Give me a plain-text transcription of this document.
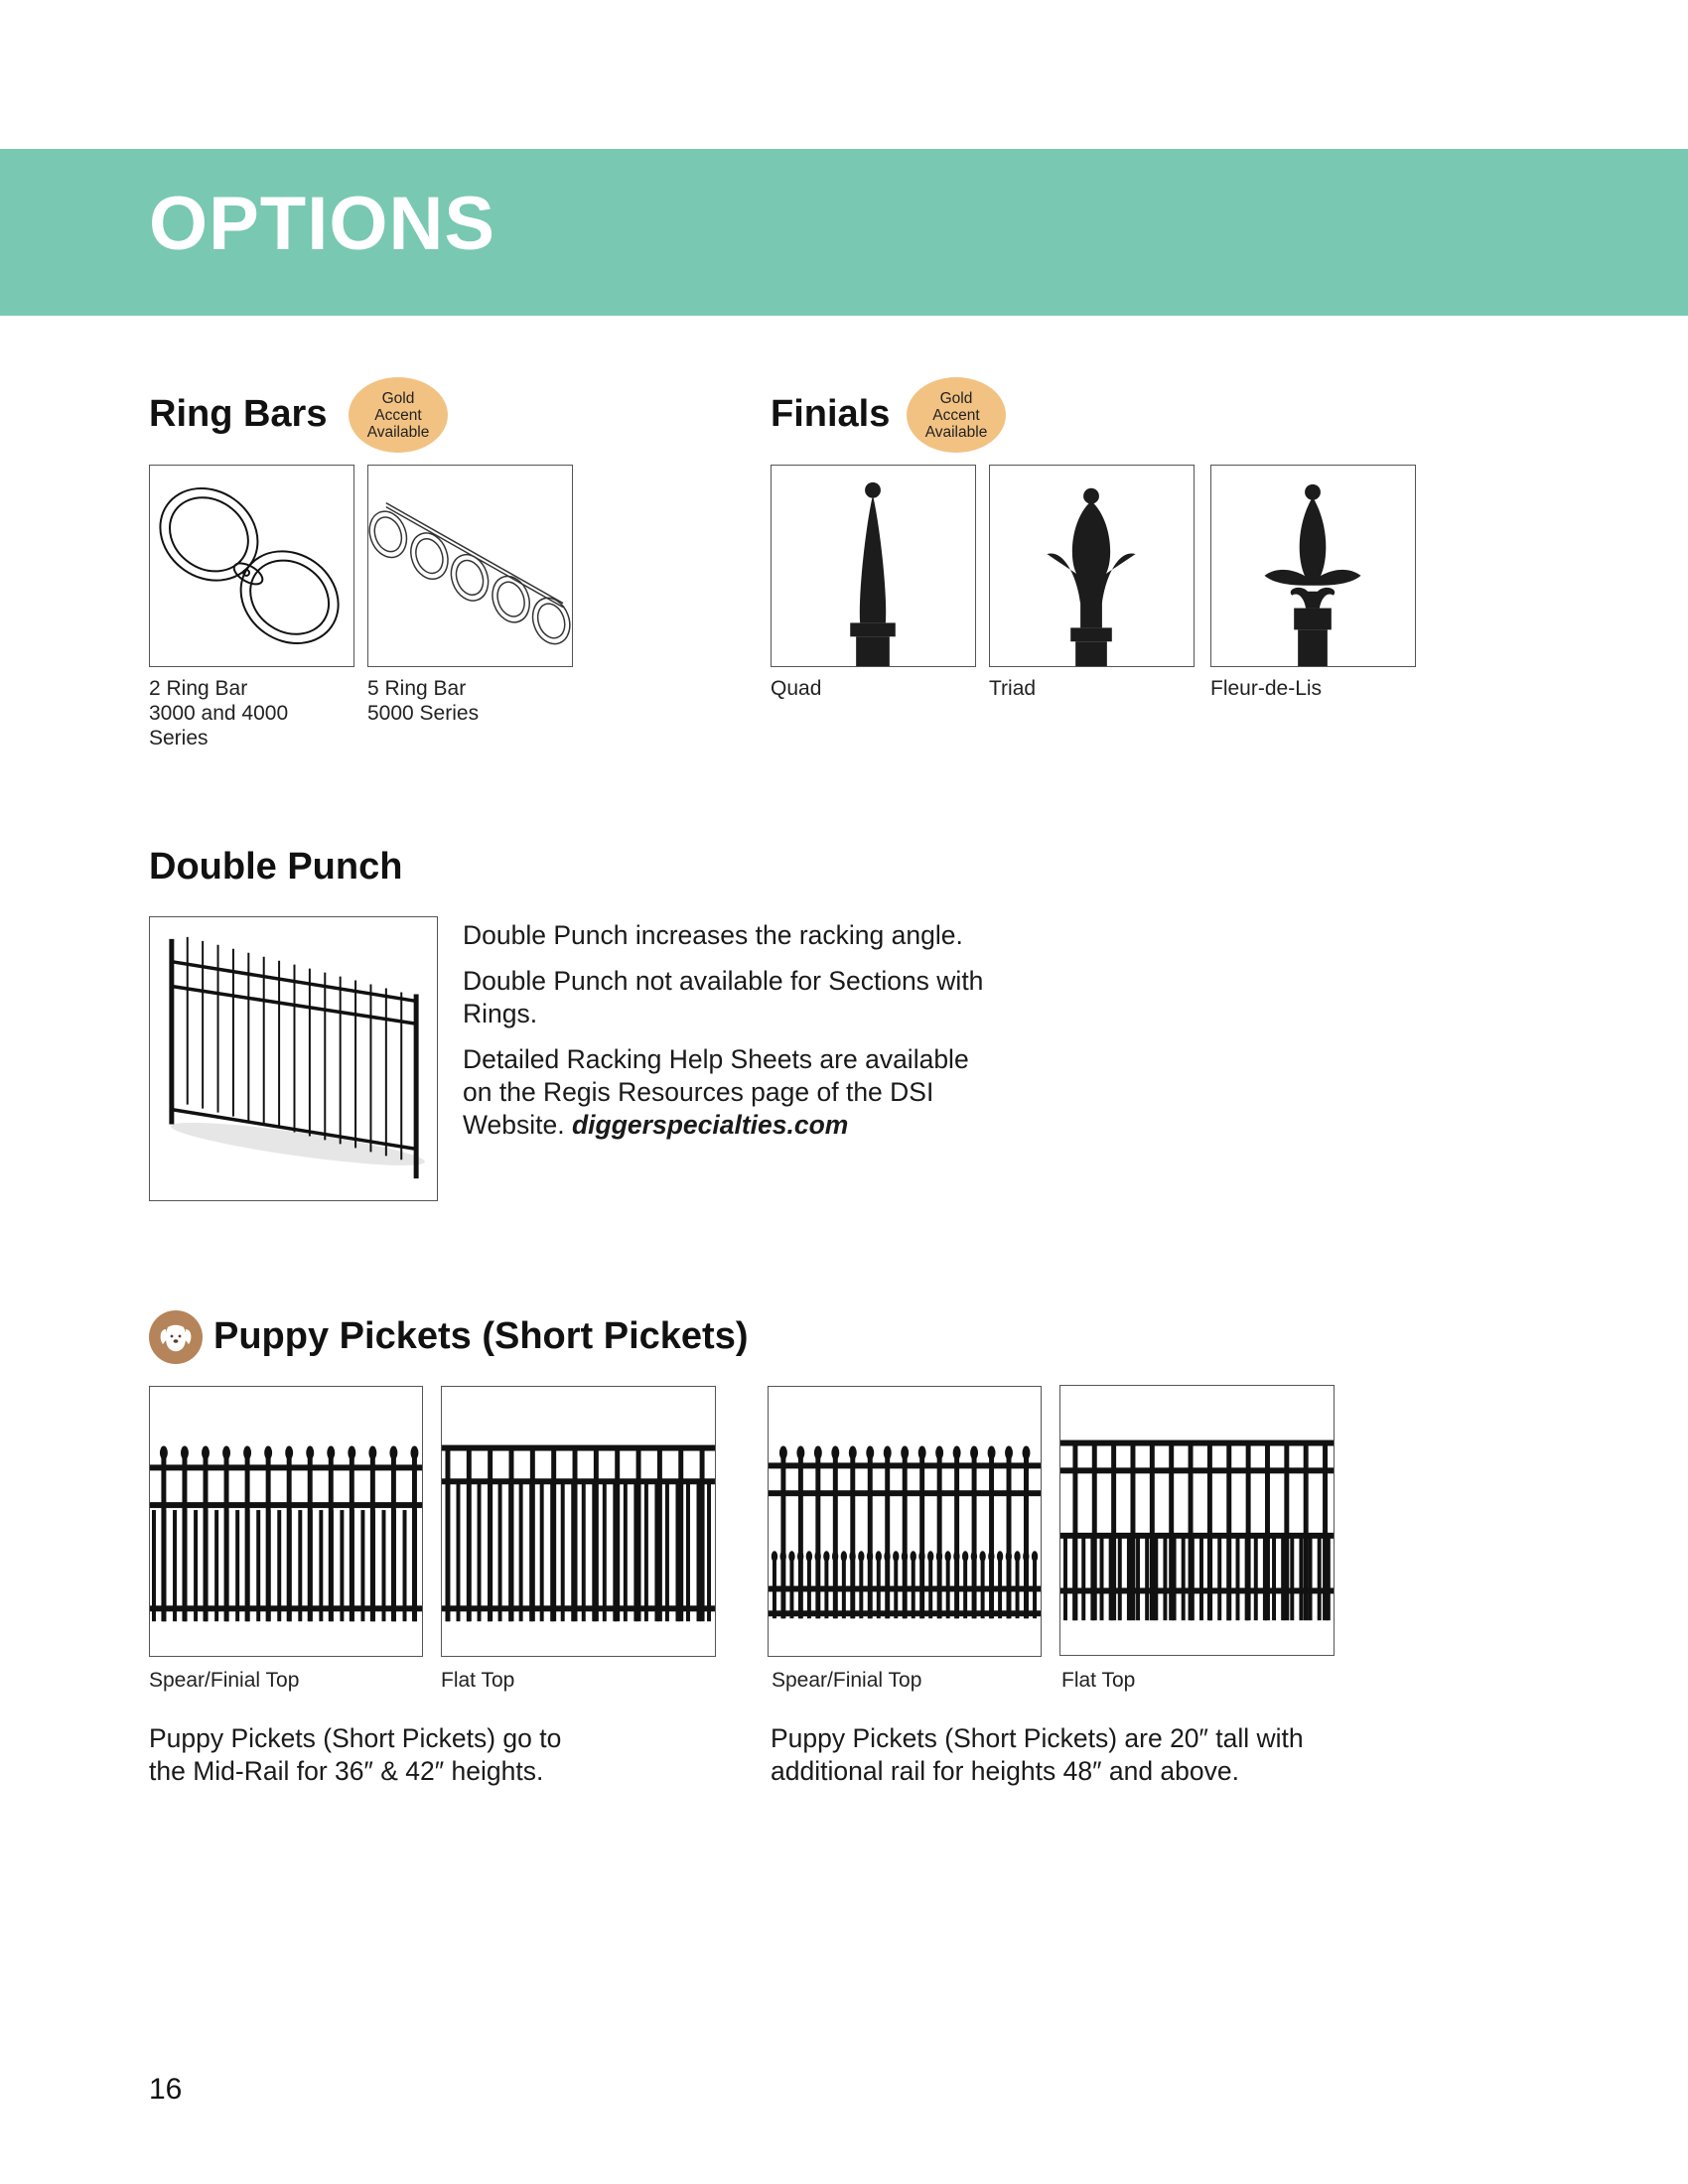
OPTIONS
Ring Bars	Gold
Accent
Available
2 Ring Bar
3000 and 4000
Series
5 Ring Bar
5000 Series
Finials	Gold
Accent
Available
Quad	Triad	Fleur-de-Lis
Double Punch

Double Punch increases the racking angle.

Double Punch not available for Sections with Rings.

Detailed Racking Help Sheets are available on the Regis Resources page of the DSI Website. diggerspecialties.com

Puppy Pickets (Short Pickets)
Spear/Finial Top	Flat Top	Spear/Finial Top	Flat Top
Puppy Pickets (Short Pickets) go to
the Mid-Rail for 36″ & 42″ heights.
Puppy Pickets (Short Pickets) are 20″ tall with
additional rail for heights 48″ and above.
16
